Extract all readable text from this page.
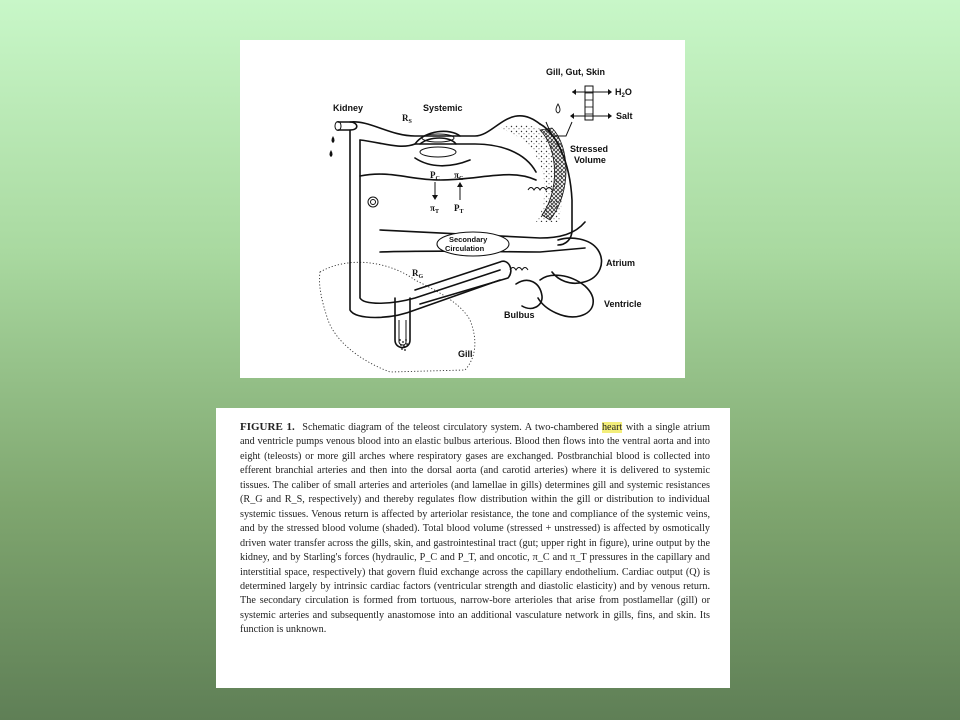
Kidney	Systemic
$R_S$
Gill, Gut, Skin
$H_2O$
Salt
Stressed
Volume
$P_C$ $\pi_C$
$\pi_T$ $P_T$
Secondary
Circulation
Atrium
$R_G$
Ventricle
Bulbus
Gill
FIGURE 1. Schematic diagram of the teleost circulatory system. A two-chambered heart with a single atrium and ventricle pumps venous blood into an elastic bulbus arterious. Blood then flows into the ventral aorta and into eight (teleosts) or more gill arches where respiratory gases are exchanged. Postbranchial blood is collected into efferent branchial arteries and then into the dorsal aorta (and carotid arteries) where it is delivered to systemic tissues. The caliber of small arteries and arterioles (and lamellae in gills) determines gill and systemic resistances (R_G and R_S, respectively) and thereby regulates flow distribution within the gill or distribution to individual systemic tissues. Venous return is affected by arteriolar resistance, the tone and compliance of the systemic veins, and by the stressed blood volume (shaded). Total blood volume (stressed + unstressed) is affected by osmotically driven water transfer across the gills, skin, and gastrointestinal tract (gut; upper right in figure), urine output by the kidney, and by Starling's forces (hydraulic, P_C and P_T, and oncotic, π_C and π_T pressures in the capillary and interstitial space, respectively) that govern fluid exchange across the capillary endothelium. Cardiac output (Q) is determined largely by intrinsic cardiac factors (ventricular strength and diastolic elasticity) and by venous return. The secondary circulation is formed from tortuous, narrow-bore arterioles that arise from postlamellar (gill) or systemic arteries and subsequently anastomose into an additional vasculature network in gills, fins, and skin. Its function is unknown.
